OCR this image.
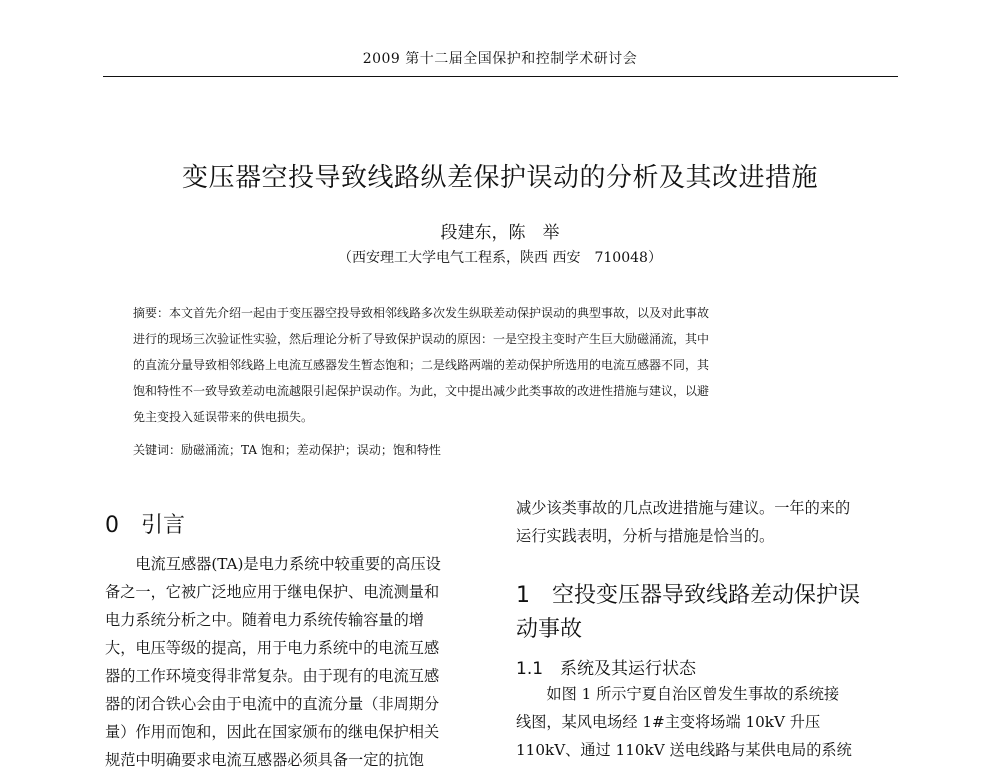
2009 第十二届全国保护和控制学术研讨会
变压器空投导致线路纵差保护误动的分析及其改进措施
段建东，陈　举
（西安理工大学电气工程系，陕西 西安　710048）
摘要：本文首先介绍一起由于变压器空投导致相邻线路多次发生纵联差动保护误动的典型事故，以及对此事故
进行的现场三次验证性实验，然后理论分析了导致保护误动的原因：一是空投主变时产生巨大励磁涌流，其中
的直流分量导致相邻线路上电流互感器发生暂态饱和；二是线路两端的差动保护所选用的电流互感器不同，其
饱和特性不一致导致差动电流越限引起保护误动作。为此，文中提出减少此类事故的改进性措施与建议，以避
免主变投入延误带来的供电损失。
关键词：励磁涌流；TA 饱和；差动保护；误动；饱和特性
0　引言
　　电流互感器(TA)是电力系统中较重要的高压设
备之一，它被广泛地应用于继电保护、电流测量和
电力系统分析之中。随着电力系统传输容量的增
大，电压等级的提高，用于电力系统中的电流互感
器的工作环境变得非常复杂。由于现有的电流互感
器的闭合铁心会由于电流中的直流分量（非周期分
量）作用而饱和，因此在国家颁布的继电保护相关
规范中明确要求电流互感器必须具备一定的抗饱
减少该类事故的几点改进措施与建议。一年的来的
运行实践表明，分析与措施是恰当的。
1　空投变压器导致线路差动保护误
动事故
1.1　系统及其运行状态
　　如图 1 所示宁夏自治区曾发生事故的系统接
线图，某风电场经 1#主变将场端 10kV 升压
110kV、通过 110kV 送电线路与某供电局的系统
